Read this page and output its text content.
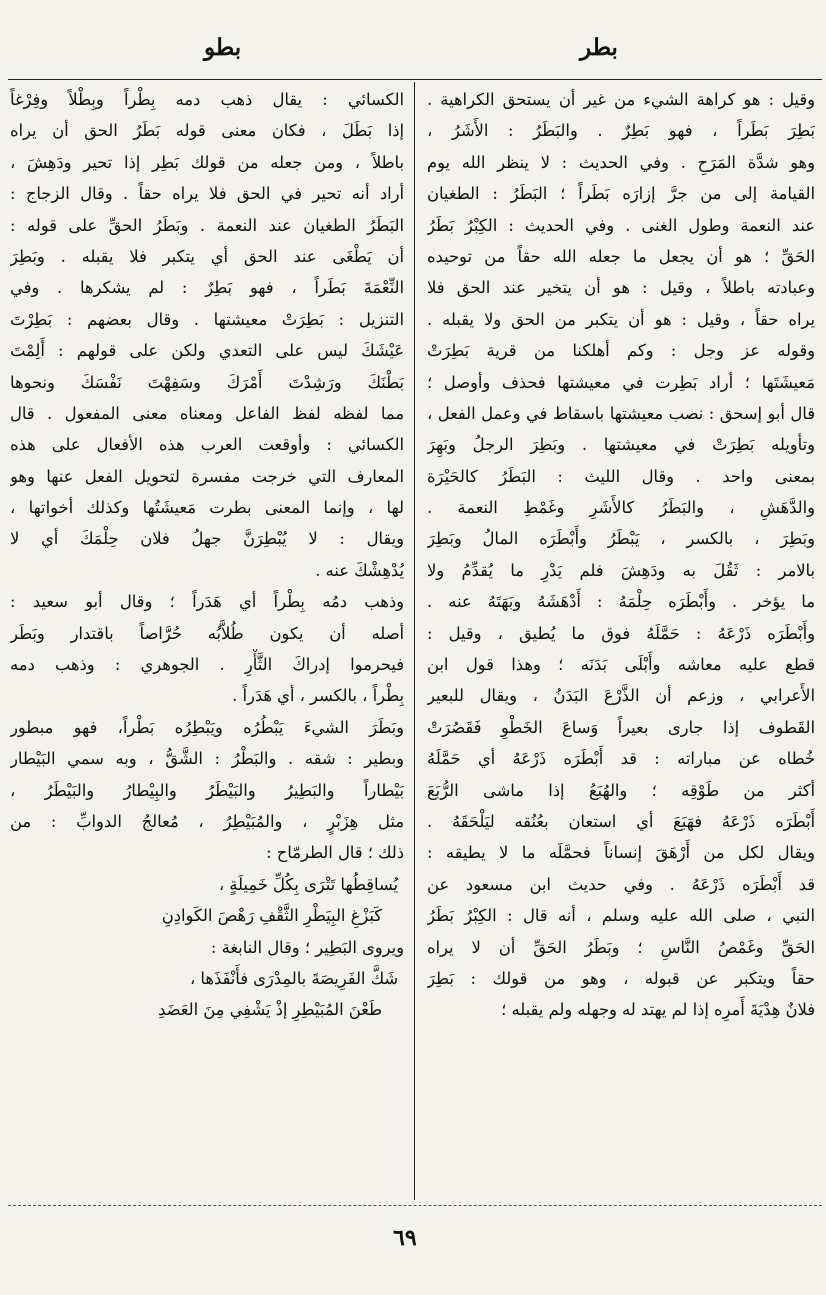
بطو	بطر
وقيل : هو كراهة الشيء من غير أن يستحق الكراهية .
بَطِرَ بَطَراً ، فهو بَطِرٌ . والبَطَرُ : الأَشَرُ ،
وهو شدَّة المَرَحِ . وفي الحديث : لا ينظر الله يوم
القيامة إلى من جرَّ إزارَه بَطَراً ؛ البَطَرُ : الطغيان
عند النعمة وطول الغنى . وفي الحديث : الكِبْرُ بَطَرُ
الحَقِّ ؛ هو أن يجعل ما جعله الله حقاً من توحيده
وعبادته باطلاً ، وقيل : هو أن يتخير عند الحق فلا
يراه حقاً ، وقيل : هو أن يتكبر من الحق ولا يقبله .
وقوله عز وجل : وكم أهلكنا من قرية بَطِرَتْ
مَعيشَتَها ؛ أراد بَطِرت في معيشتها فحذف وأوصل ؛
قال أبو إسحق : نصب معيشتها باسقاط في وعمل الفعل ،
وتأويله بَطِرَتْ في معيشتها . وبَطِرَ الرجلُ وبَهِرَ
بمعنى واحد . وقال الليث : البَطَرُ كالحَيْرَة
والدَّهَشِ ، والبَطَرُ كالأَشَرِ وغَمْطِ النعمة .
وبَطِرَ ، بالكسر ، يَبْطَرُ وأَبْطَرَه المالُ وبَطِرَ
بالامر : ثَقُلَ به ودَهِشَ فلم يَدْرِ ما يُقدِّمُ ولا
ما يؤخر . وأَبْطَرَه حِلْمَهُ : أَدْهَشَهُ وبَهَتَهُ عنه .
وأَبْطَرَه ذَرْعَهُ : حَمَّلَهُ فوق ما يُطيق ، وقيل :
قطع عليه معاشه وأَبْلَى بَدَنَه ؛ وهذا قول ابن
الأَعرابي ، وزعم أن الذَّرْعَ البَدَنُ ، ويقال للبعير
القَطوف إذا جارى بعيراً وَساعَ الخَطْوِ فَقَصُرَتْ
خُطاه عن مباراته : قد أَبْطَرَه ذَرْعَهُ أي حَمَّلَهُ
أكثر من طَوْقِه ؛ والهُبَعُ إذا ماشى الرُّبَعَ
أَبْطَرَه ذَرْعَهُ فهَبَعَ أي استعان بعُنُقه ليَلْحَقَهُ .
ويقال لكل من أَرْهَقَ إنساناً فحمَّلَه ما لا يطيقه :
قد أَبْطَرَه ذَرْعَهُ . وفي حديث ابن مسعود عن
النبي ، صلى الله عليه وسلم ، أنه قال : الكِبْرُ بَطَرُ
الحَقِّ وغَمْصُ النَّاسِ ؛ وبَطَرُ الحَقِّ أن لا يراه
حقاً ويتكبر عن قبوله ، وهو من قولك : بَطِرَ
فلانٌ هِدْيَةَ أَمرِه إذا لم يهتد له وجهله ولم يقبله ؛
الكسائي : يقال ذهب دمه بِطْراً وبِطْلاً وفِرْغاً
إذا بَطَلَ ، فكان معنى قوله بَطَرُ الحق أن يراه
باطلاً ، ومن جعله من قولك بَطِر إذا تحير ودَهِشَ ،
أراد أنه تحير في الحق فلا يراه حقاً . وقال الزجاج :
البَطَرُ الطغيان عند النعمة . وبَطَرُ الحقِّ على قوله :
أن يَطْغَى عند الحق أي يتكبر فلا يقبله . وبَطِرَ
النِّعْمَةَ بَطَراً ، فهو بَطِرٌ : لم يشكرها . وفي
التنزيل : بَطِرَتْ معيشتها . وقال بعضهم : بَطِرْتَ
عَيْشَكَ ليس على التعدي ولكن على قولهم : أَلِمْتَ
بَطْنَكَ ورَشِدْتَ أَمْرَكَ وسَفِهْتَ نَفْسَكَ ونحوها
مما لفظه لفظ الفاعل ومعناه معنى المفعول . قال
الكسائي : وأوقعت العرب هذه الأفعال على هذه
المعارف التي خرجت مفسرة لتحويل الفعل عنها وهو
لها ، وإنما المعنى بطرت مَعيشَتُها وكذلك أخواتها ،
ويقال : لا يُبْطِرَنَّ جهلُ فلان حِلْمَكَ أي لا
يُدْهِشْكَ عنه .
وذهب دمُه بِطْراً أي هَدَراً ؛ وقال أبو سعيد :
أصله أن يكون طُلاَّبُه حُرَّاصاً باقتدار وبَطَر
فيحرموا إدراكَ الثَّأْرِ . الجوهري : وذهب دمه
بِطْراً ، بالكسر ، أي هَدَراً .
وبَطَرَ الشيءَ يَبْطُرُه ويَبْطِرُه بَطْراً، فهو مبطور
وبطير : شقه . والبَطْرُ : الشَّقُّ ، وبه سمي البَيْطار
بَيْطاراً والبَطِيرُ والبَيْطَرُ والبِيْطارُ والبَيْطَرُ ،
مثل هِزَبْرٍ ، والمُبَيْطِرُ ، مُعالجُ الدوابِّ : من
ذلك ؛ قال الطرمّاح :
يُساقِطُها تَتْرَى بِكُلِّ خَمِيلَةٍ ،
كَبَزْغِ البِيَطْرِ الثَّقْفِ رَهْصَ الكَوادِنِ
ويروى البَطِير ؛ وقال النابغة :
شَكَّ الفَرِيصَةَ بالمِدْرَى فأَنْفَذَها ،
طَعْنَ المُبَيْطِرِ إذْ يَشْفِي مِنَ العَضَدِ
٦٩
